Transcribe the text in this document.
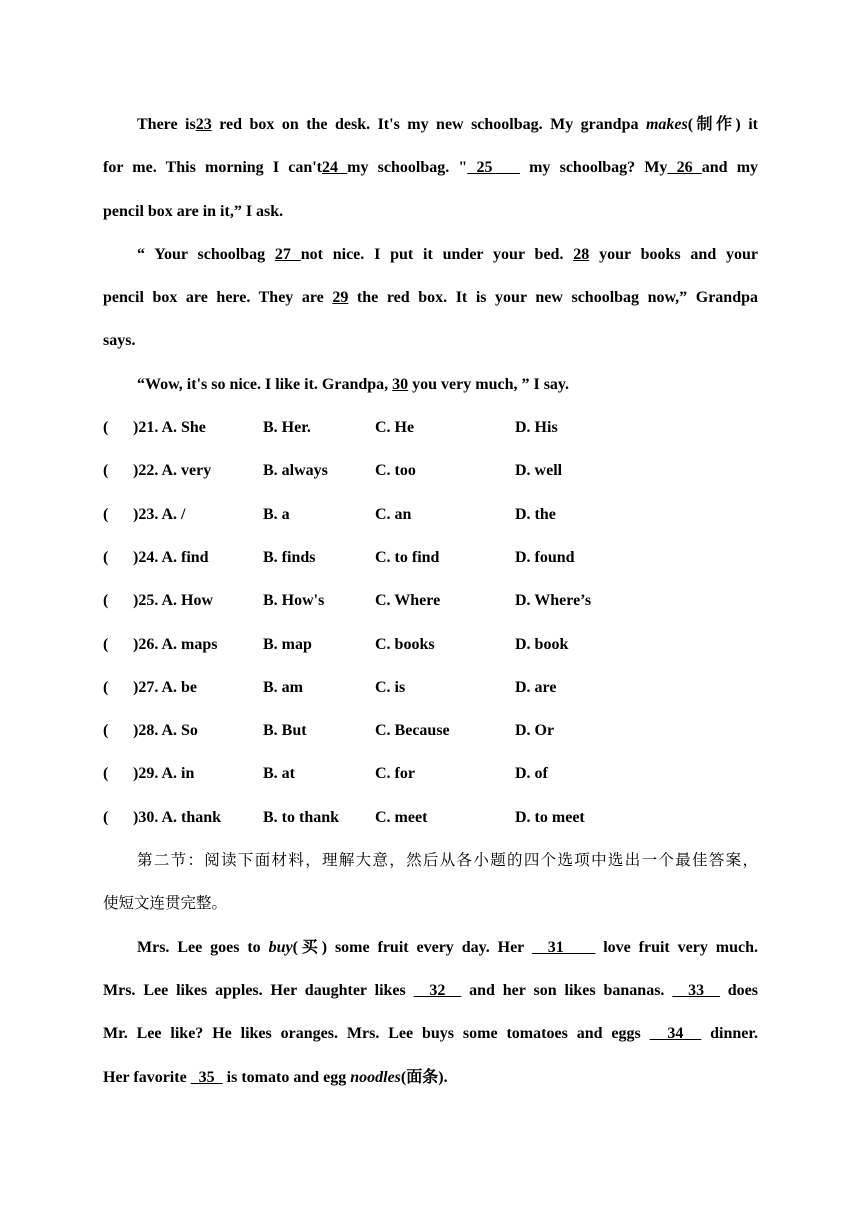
There is23 red box on the desk. It's my new schoolbag. My grandpa makes(制作) it
for me. This morning I can't24 my schoolbag. " 25    my schoolbag? My 26 and my
pencil box are in it,” I ask.
“ Your schoolbag 27 not nice. I put it under your bed. 28 your books and your
pencil box are here. They are 29 the red box. It is your new schoolbag now,” Grandpa
says.
“Wow, it's so nice. I like it. Grandpa, 30 you very much, ” I say.
( )21. A. She	B. Her.	C. He	D. His
( )22. A. very	B. always	C. too	D. well
( )23. A. /	B. a	C. an	D. the
( )24. A. find	B. finds	C. to find	D. found
( )25. A. How	B. How's	C. Where	D. Where’s
( )26. A. maps	B. map	C. books	D. book
( )27. A. be	B. am	C. is	D. are
( )28. A. So	B. But	C. Because	D. Or
( )29. A. in	B. at	C. for	D. of
( )30. A. thank	B. to thank C. meet	D. to meet
第二节：阅读下面材料，理解大意，然后从各小题的四个选项中选出一个最佳答案，
使短文连贯完整。
Mrs. Lee goes to buy(买) some fruit every day. Her   31     love fruit very much.
Mrs. Lee likes apples. Her daughter likes   32   and her son likes bananas.   33   does
Mr. Lee like? He likes oranges. Mrs. Lee buys some tomatoes and eggs   34   dinner.
Her favorite   35   is tomato and egg noodles(面条).
